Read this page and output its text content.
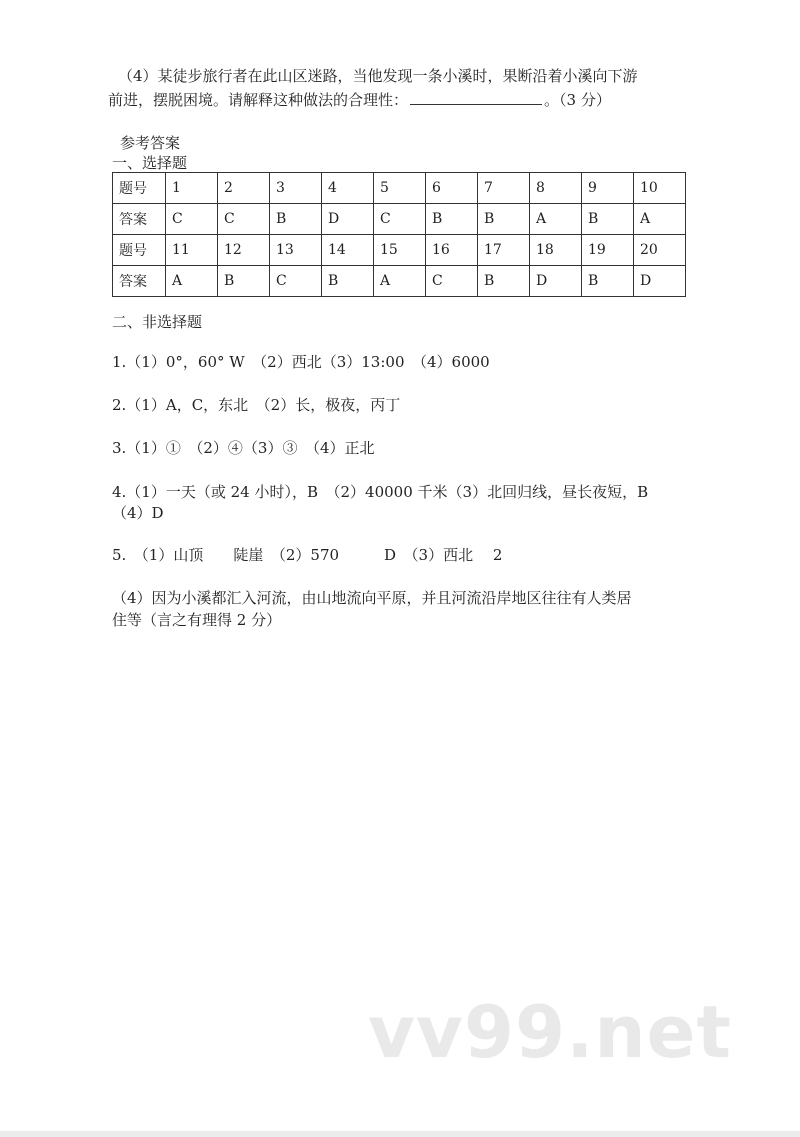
（4）某徒步旅行者在此山区迷路，当他发现一条小溪时，果断沿着小溪向下游
前进，摆脱困境。请解释这种做法的合理性：	。（3 分）
参考答案
一、选择题
题号	1	2	3	4	5	6	7	8	9	10
答案	C	C	B	D	C	B	B	A	B	A
题号	11	12	13	14	15	16	17	18	19	20
答案	A	B	C	B	A	C	B	D	B	D
二、非选择题
1.（1）0°，60° W　（2）西北（3）13:00　（4）6000
2.（1）A，C，东北　（2）长，极夜，丙丁
3.（1）①　（2）④（3）③　（4）正北
4.（1）一天（或 24 小时），B　（2）40000 千米（3）北回归线，昼长夜短，B
（4）D
5.　（1）山顶　　陡崖　（2）570　　　D　（3）西北　 2
（4）因为小溪都汇入河流，由山地流向平原，并且河流沿岸地区往往有人类居
住等（言之有理得 2 分）
vv99.net
